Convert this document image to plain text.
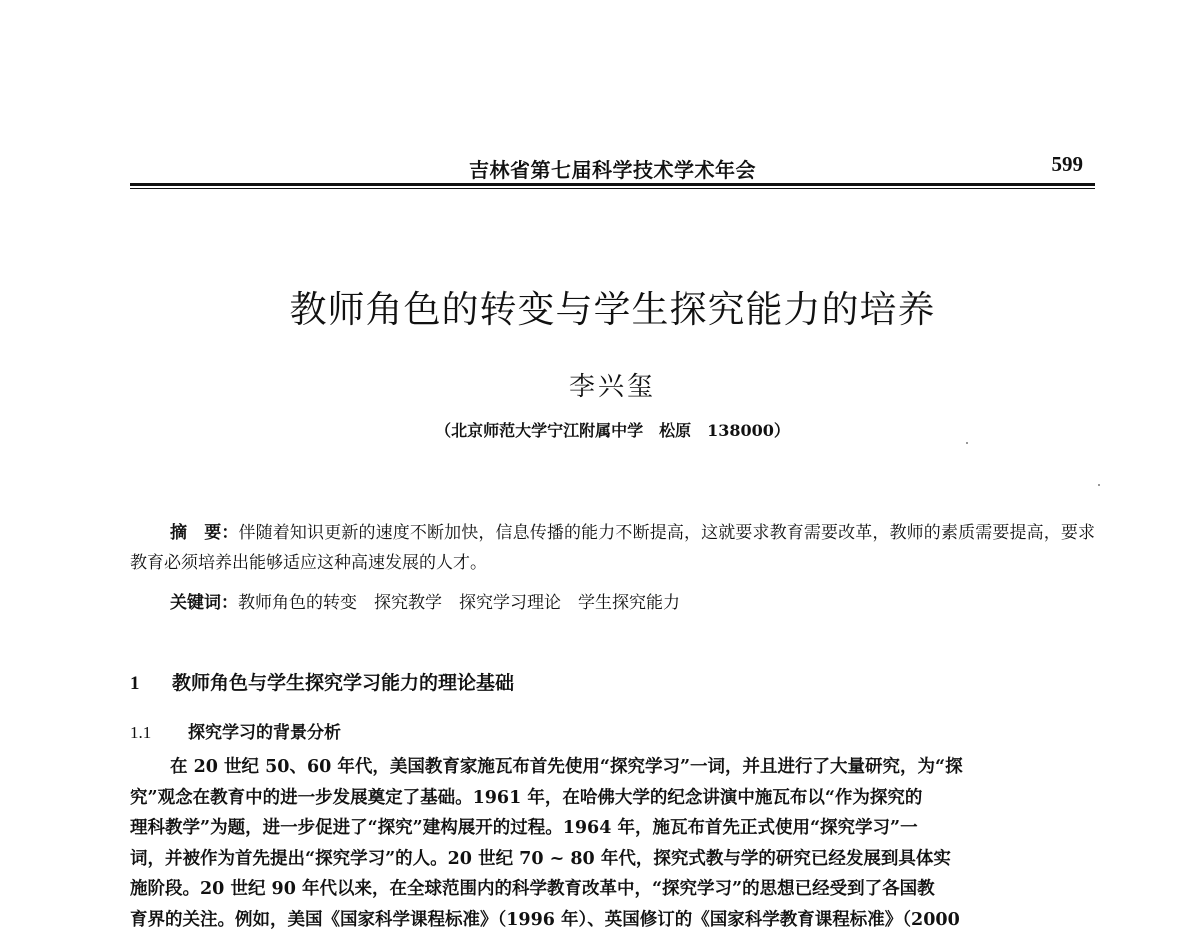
吉林省第七届科学技术学术年会	599
教师角色的转变与学生探究能力的培养
李兴玺
（北京师范大学宁江附属中学　松原　138000）
摘　要：伴随着知识更新的速度不断加快，信息传播的能力不断提高，这就要求教育需要改革，教师的素质需要提高，要求教育必须培养出能够适应这种高速发展的人才。
关键词：教师角色的转变　探究教学　探究学习理论　学生探究能力
1 教师角色与学生探究学习能力的理论基础
1.1 探究学习的背景分析
在 20 世纪 50、60 年代，美国教育家施瓦布首先使用“探究学习”一词，并且进行了大量研究，为“探
究”观念在教育中的进一步发展奠定了基础。1961 年，在哈佛大学的纪念讲演中施瓦布以“作为探究的
理科教学”为题，进一步促进了“探究”建构展开的过程。1964 年，施瓦布首先正式使用“探究学习”一
词，并被作为首先提出“探究学习”的人。20 世纪 70 ~ 80 年代，探究式教与学的研究已经发展到具体实
施阶段。20 世纪 90 年代以来，在全球范围内的科学教育改革中，“探究学习”的思想已经受到了各国教
育界的关注。例如，美国《国家科学课程标准》（1996 年）、英国修订的《国家科学教育课程标准》（2000
